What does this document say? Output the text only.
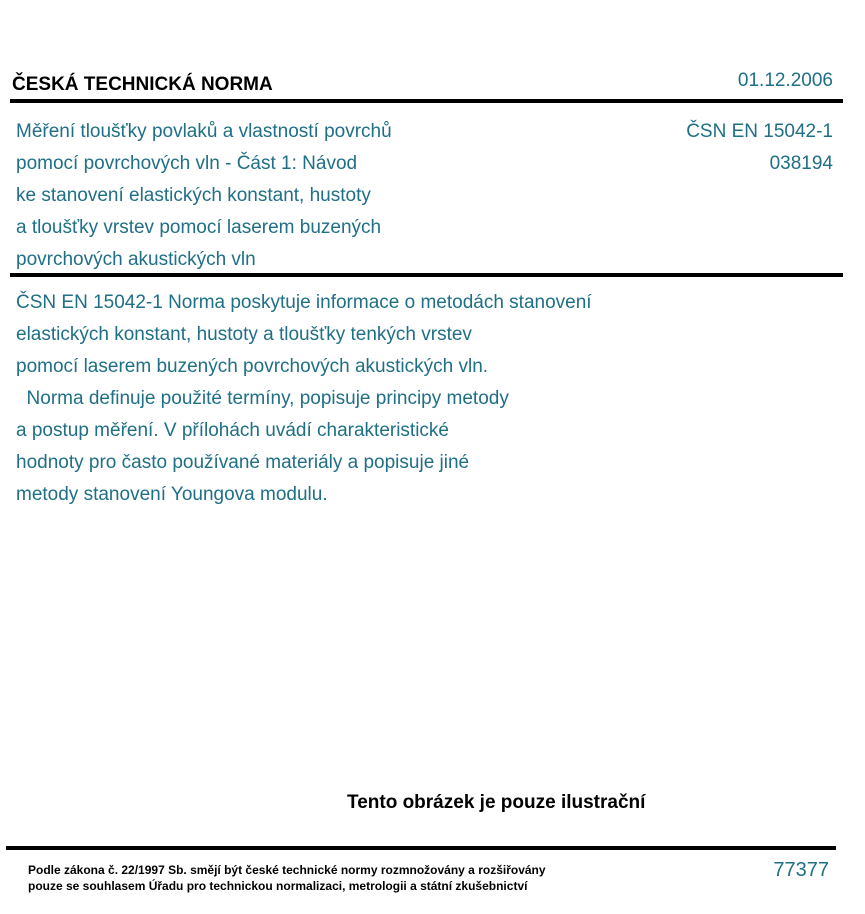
ČESKÁ TECHNICKÁ NORMA	01.12.2006
Měření tloušťky povlaků a vlastností povrchů
pomocí povrchových vln - Část 1: Návod
ke stanovení elastických konstant, hustoty
a tloušťky vrstev pomocí laserem buzených
povrchových akustických vln
ČSN EN 15042-1
038194
ČSN EN 15042-1 Norma poskytuje informace o metodách stanovení
elastických konstant, hustoty a tloušťky tenkých vrstev
pomocí laserem buzených povrchových akustických vln.
Norma definuje použité termíny, popisuje principy metody
a postup měření. V přílohách uvádí charakteristické
hodnoty pro často používané materiály a popisuje jiné
metody stanovení Youngova modulu.
Tento obrázek je pouze ilustrační
Podle zákona č. 22/1997 Sb. smějí být české technické normy rozmnožovány a rozšiřovány
pouze se souhlasem Úřadu pro technickou normalizaci, metrologii a státní zkušebnictví
77377
